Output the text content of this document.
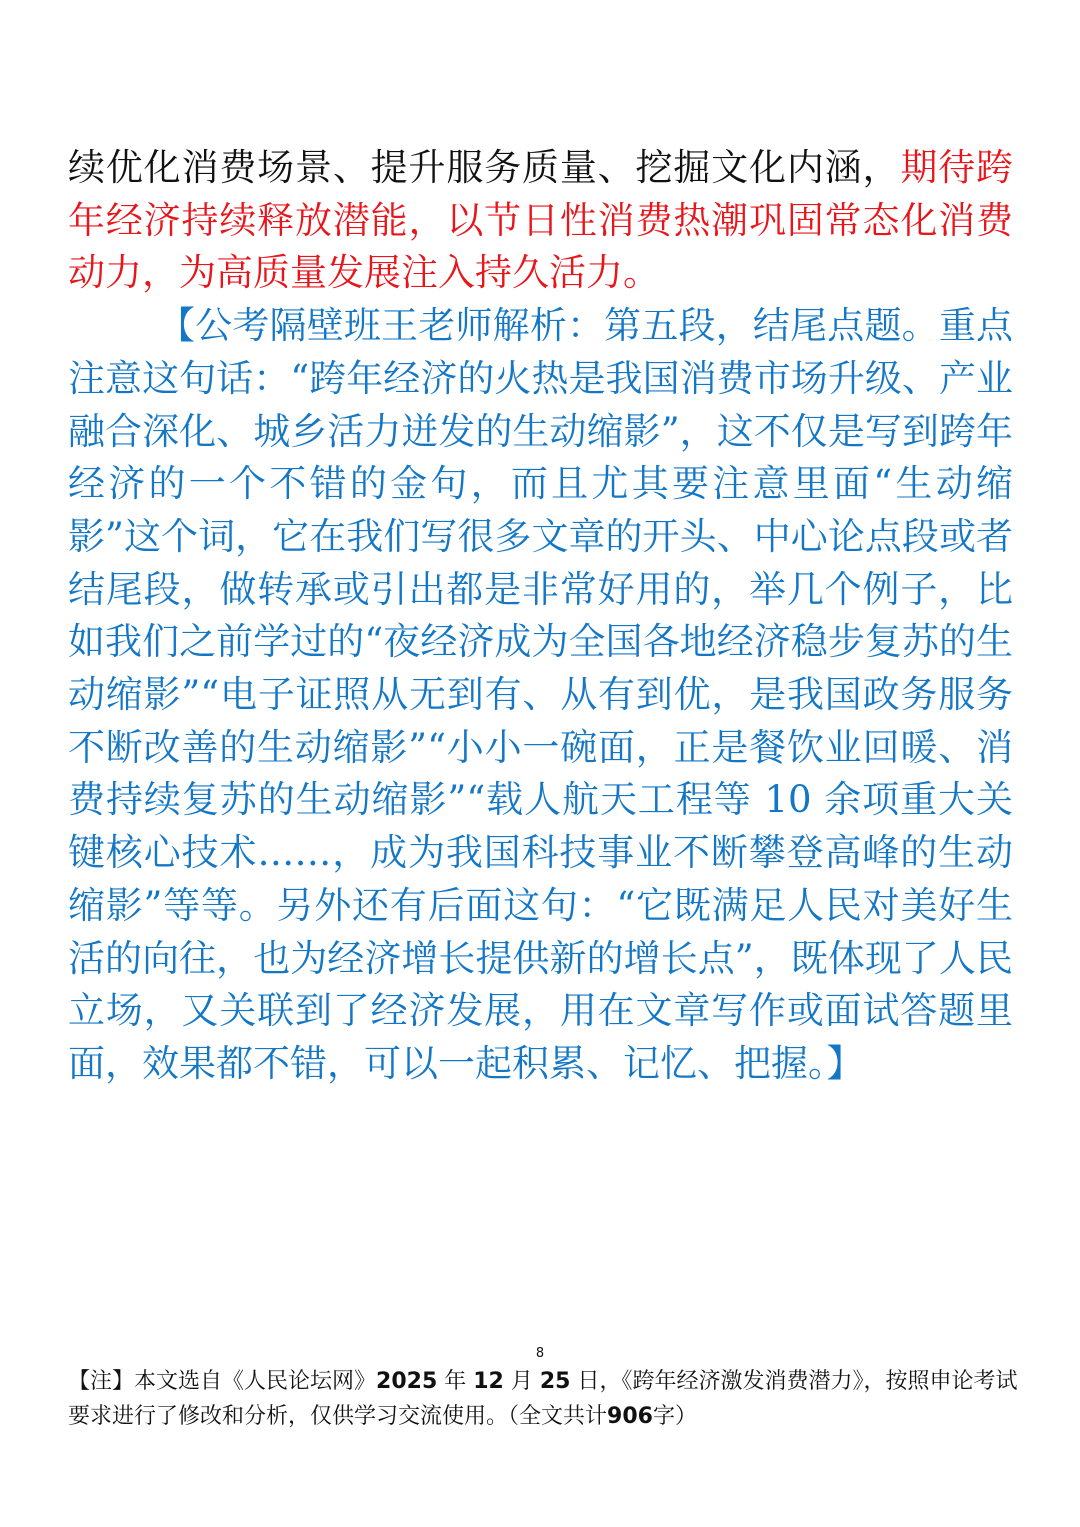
续优化消费场景、提升服务质量、挖掘文化内涵，期待跨年经济持续释放潜能，以节日性消费热潮巩固常态化消费动力，为高质量发展注入持久活力。

【公考隔壁班王老师解析：第五段，结尾点题。重点注意这句话：“跨年经济的火热是我国消费市场升级、产业融合深化、城乡活力迸发的生动缩影”，这不仅是写到跨年经济的一个不错的金句，而且尤其要注意里面“生动缩影”这个词，它在我们写很多文章的开头、中心论点段或者结尾段，做转承或引出都是非常好用的，举几个例子，比如我们之前学过的“夜经济成为全国各地经济稳步复苏的生动缩影”“电子证照从无到有、从有到优，是我国政务服务不断改善的生动缩影”“小小一碗面，正是餐饮业回暖、消费持续复苏的生动缩影”“载人航天工程等 10 余项重大关键核心技术……，成为我国科技事业不断攀登高峰的生动缩影”等等。另外还有后面这句：“它既满足人民对美好生活的向往，也为经济增长提供新的增长点”，既体现了人民立场，又关联到了经济发展，用在文章写作或面试答题里面，效果都不错，可以一起积累、记忆、把握。】

8

【注】本文选自《人民论坛网》2025 年 12 月 25 日，《跨年经济激发消费潜力》，按照申论考试要求进行了修改和分析，仅供学习交流使用。（全文共计906字）
